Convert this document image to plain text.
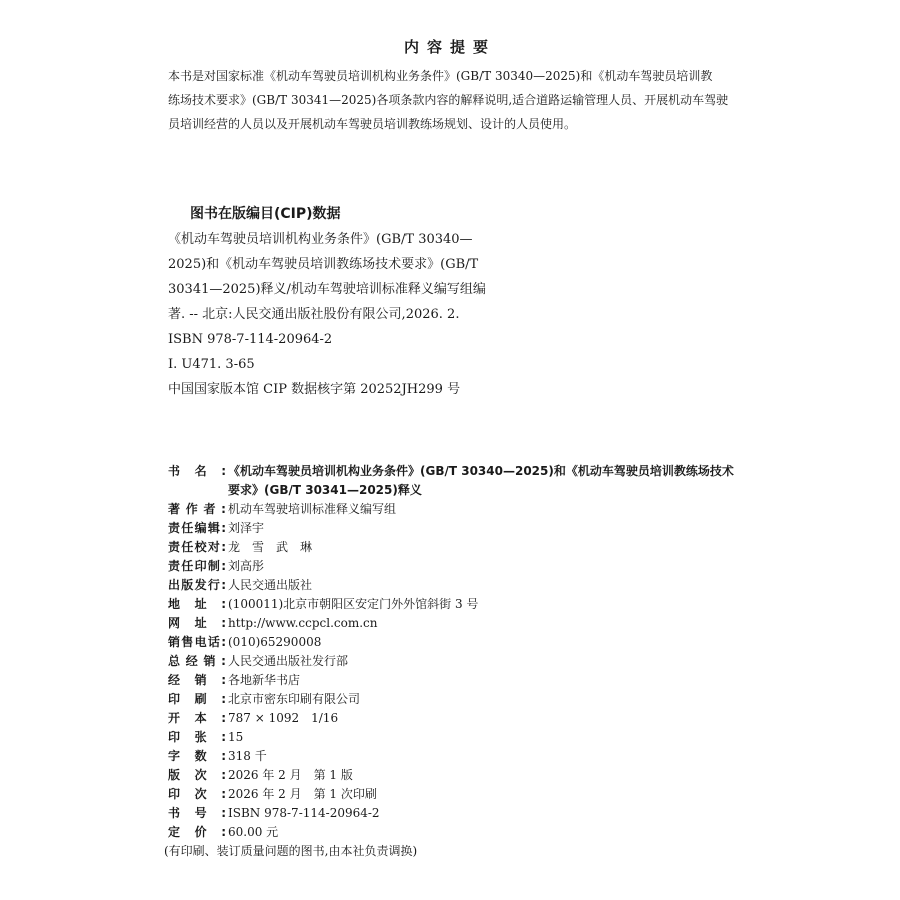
内容提要

本书是对国家标准《机动车驾驶员培训机构业务条件》(GB/T 30340—2025)和《机动车驾驶员培训教

练场技术要求》(GB/T 30341—2025)各项条款内容的解释说明,适合道路运输管理人员、开展机动车驾驶

员培训经营的人员以及开展机动车驾驶员培训教练场规划、设计的人员使用。

图书在版编目(CIP)数据

《机动车驾驶员培训机构业务条件》(GB/T 30340—

2025)和《机动车驾驶员培训教练场技术要求》(GB/T

30341—2025)释义/机动车驾驶培训标准释义编写组编

著. -- 北京:人民交通出版社股份有限公司,2026. 2.

ISBN 978-7-114-20964-2

Ⅰ. U471. 3-65

中国国家版本馆 CIP 数据核字第 20252JH299 号

书 名 : 《机动车驾驶员培训机构业务条件》(GB/T 30340—2025)和《机动车驾驶员培训教练场技术
要求》(GB/T 30341—2025)释义
著 作 者 : 机动车驾驶培训标准释义编写组
责 任 编 辑 : 刘泽宇
责 任 校 对 : 龙　雪　武　琳
责 任 印 制 : 刘高彤
出 版 发 行 : 人民交通出版社
地 址 : (100011)北京市朝阳区安定门外外馆斜街 3 号
网 址 : http://www.ccpcl.com.cn
销 售 电 话 : (010)65290008
总 经 销 : 人民交通出版社发行部
经 销 : 各地新华书店
印 刷 : 北京市密东印刷有限公司
开 本 : 787 × 1092　1/16
印 张 : 15
字 数 : 318 千
版 次 : 2026 年 2 月　第 1 版
印 次 : 2026 年 2 月　第 1 次印刷
书 号 : ISBN 978-7-114-20964-2
定 价 : 60.00 元

(有印刷、装订质量问题的图书,由本社负责调换)
